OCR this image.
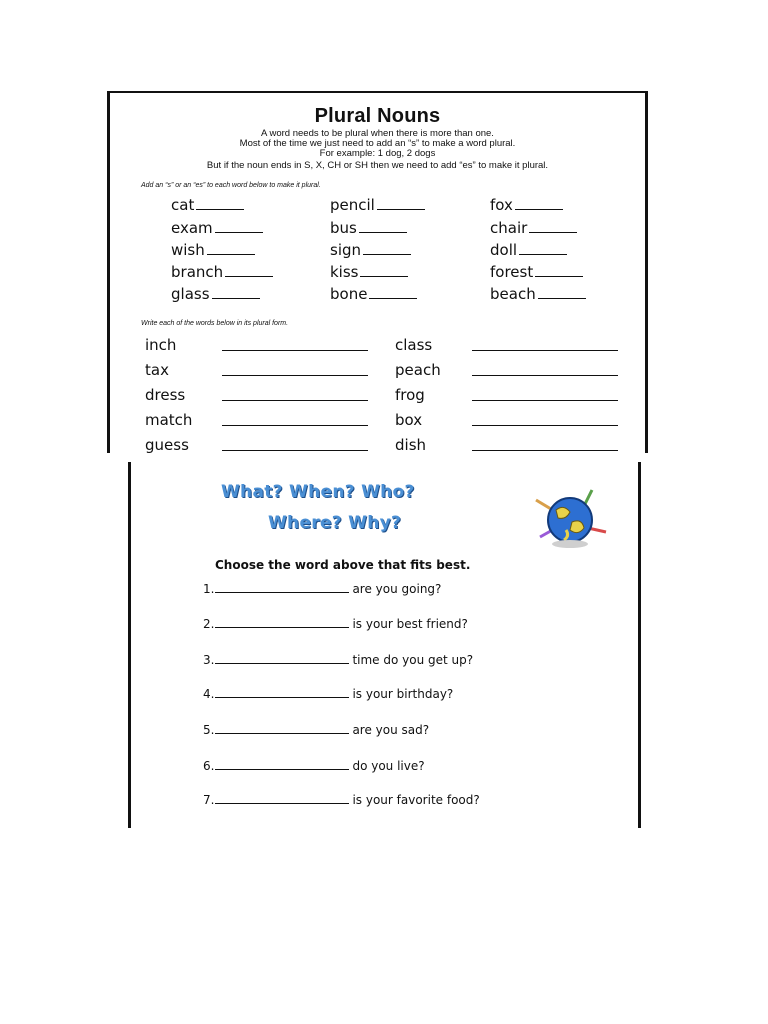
Plural Nouns
A word needs to be plural when there is more than one.
Most of the time we just need to add an “s” to make a word plural.
For example: 1 dog, 2 dogs
But if the noun ends in S, X, CH or SH then we need to add “es” to make it plural.
Add an “s” or an “es” to each word below to make it plural.
cat	pencil	fox
exam	bus	chair
wish	sign	doll
branch	kiss	forest
glass	bone	beach
Write each of the words below in its plural form.
inch	class
tax	peach
dress	frog
match	box
guess	dish
What? When? Who?
Where? Why?
Choose the word above that fits best.
1.	are you going?
2.	is your best friend?
3.	time do you get up?
4.	is your birthday?
5.	are you sad?
6.	do you live?
7.	is your favorite food?
